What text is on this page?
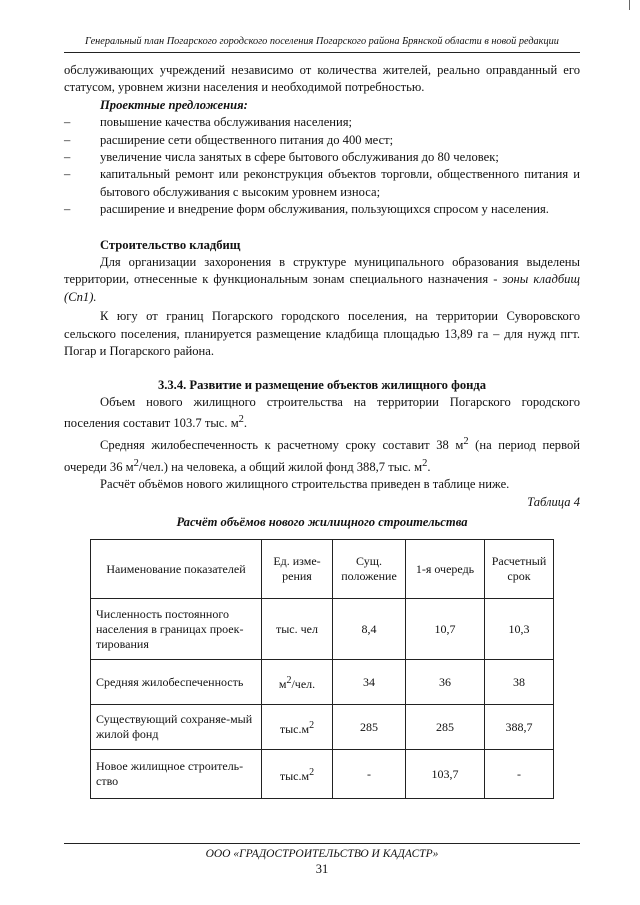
Генеральный план Погарского городского поселения Погарского района Брянской области в новой редакции

обслуживающих учреждений независимо от количества жителей, реально оправданный его статусом, уровнем жизни населения и необходимой потребностью.

Проектные предложения:

– повышение качества обслуживания населения;
– расширение сети общественного питания до 400 мест;
– увеличение числа занятых в сфере бытового обслуживания до 80 человек;
– капитальный ремонт или реконструкция объектов торговли, общественного питания и бытового обслуживания с высоким уровнем износа;
– расширение и внедрение форм обслуживания, пользующихся спросом у населения.

Строительство кладбищ

Для организации захоронения в структуре муниципального образования выделены территории, отнесенные к функциональным зонам специального назначения - зоны кладбищ (Сп1).

К югу от границ Погарского городского поселения, на территории Суворовского сельского поселения, планируется размещение кладбища площадью 13,89 га – для нужд пгт. Погар и Погарского района.

3.3.4. Развитие и размещение объектов жилищного фонда

Объем нового жилищного строительства на территории Погарского городского поселения составит 103.7 тыс. $м^2$.

Средняя жилобеспеченность к расчетному сроку составит 38 $м^2$ (на период первой очереди 36 $м^2/чел$.) на человека, а общий жилой фонд 388,7 тыс. $м^2$.

Расчёт объёмов нового жилищного строительства приведен в таблице ниже.

Таблица 4

Расчёт объёмов нового жилищного строительства

Наименование показателей	Ед. изме-рения	Сущ. положение	1-я очередь	Расчетный срок
Численность постоянного населения в границах проек-тирования	тыс. чел	8,4	10,7	10,3
Средняя жилобеспеченность	$м^2$/чел.	34	36	38
Существующий сохраняе-мый жилой фонд	$тыс.м^2$	285	285	388,7
Новое жилищное строитель-ство	$тыс.м^2$	-	103,7	-
ООО «ГРАДОСТРОИТЕЛЬСТВО И КАДАСТР»
31
